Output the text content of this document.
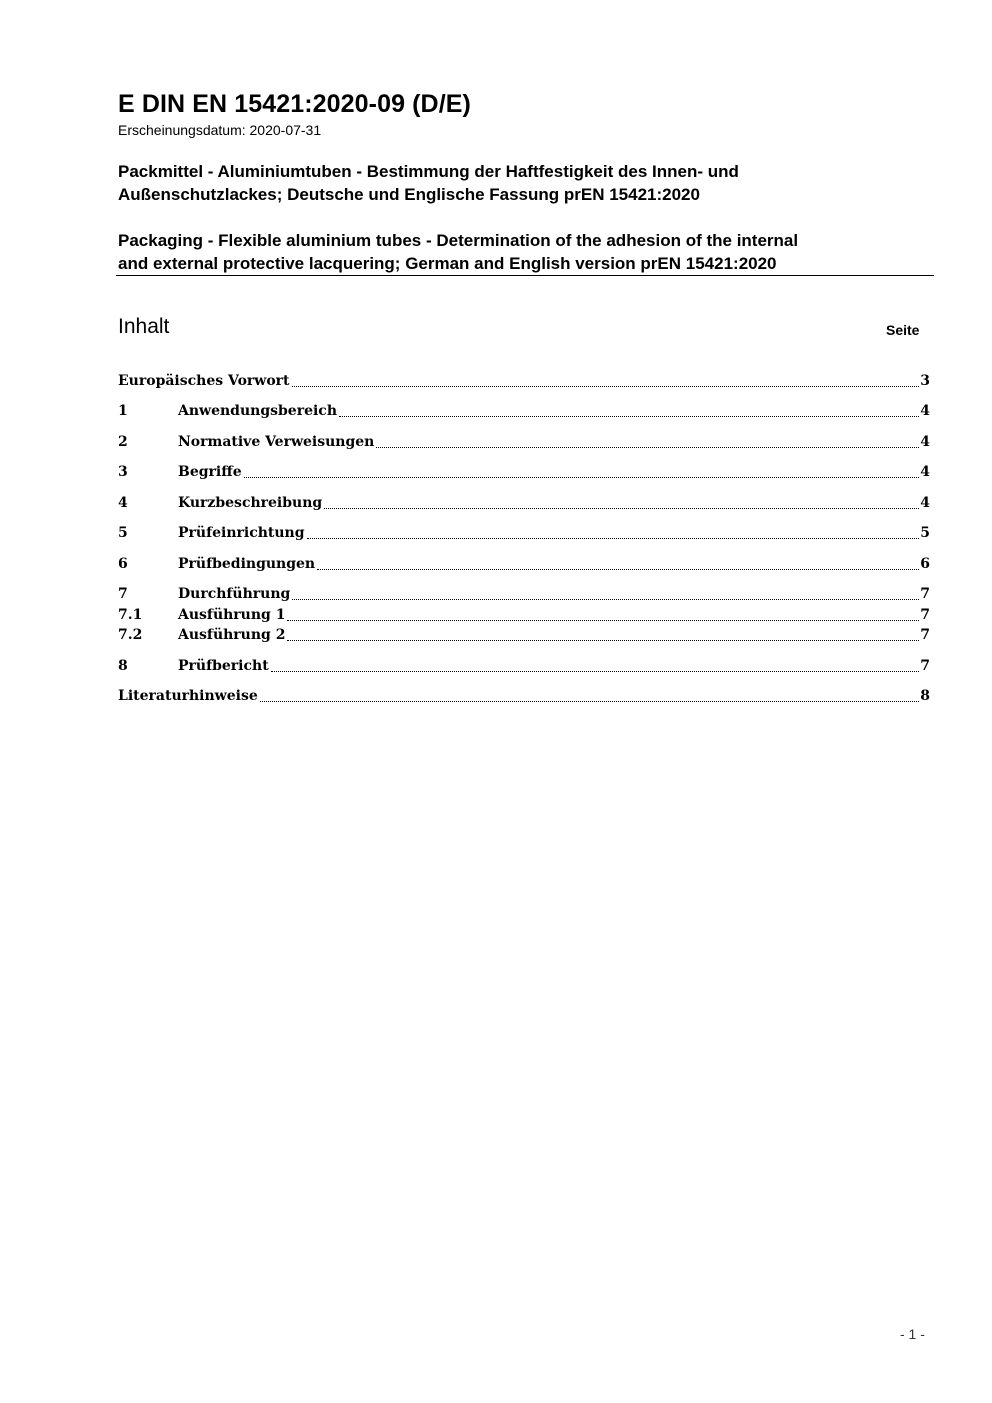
E DIN EN 15421:2020-09 (D/E)
Erscheinungsdatum: 2020-07-31
Packmittel - Aluminiumtuben - Bestimmung der Haftfestigkeit des Innen- und
Außenschutzlackes; Deutsche und Englische Fassung prEN 15421:2020
Packaging - Flexible aluminium tubes - Determination of the adhesion of the internal
and external protective lacquering; German and English version prEN 15421:2020
Inhalt	Seite
Europäisches Vorwort	3
1	Anwendungsbereich	4
2	Normative Verweisungen	4
3	Begriffe	4
4	Kurzbeschreibung	4
5	Prüfeinrichtung	5
6	Prüfbedingungen	6
7	Durchführung	7
7.1	Ausführung 1	7
7.2	Ausführung 2	7
8	Prüfbericht	7
Literaturhinweise	8
- 1 -
